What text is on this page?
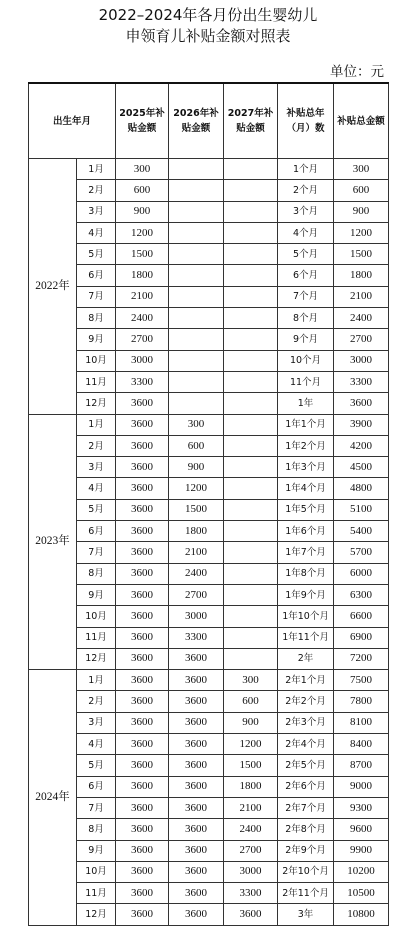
2022–2024年各月份出生婴幼儿
申领育儿补贴金额对照表
单位：元
出生年月		2025年补贴金额	2026年补贴金额	2027年补贴金额	补贴总年（月）数	补贴总金额
2022年	1月	300			1个月	300
	2月	600			2个月	600
	3月	900			3个月	900
	4月	1200			4个月	1200
	5月	1500			5个月	1500
	6月	1800			6个月	1800
	7月	2100			7个月	2100
	8月	2400			8个月	2400
	9月	2700			9个月	2700
	10月	3000			10个月	3000
	11月	3300			11个月	3300
	12月	3600			1年	3600
2023年	1月	3600	300		1年1个月	3900
	2月	3600	600		1年2个月	4200
	3月	3600	900		1年3个月	4500
	4月	3600	1200		1年4个月	4800
	5月	3600	1500		1年5个月	5100
	6月	3600	1800		1年6个月	5400
	7月	3600	2100		1年7个月	5700
	8月	3600	2400		1年8个月	6000
	9月	3600	2700		1年9个月	6300
	10月	3600	3000		1年10个月	6600
	11月	3600	3300		1年11个月	6900
	12月	3600	3600		2年	7200
2024年	1月	3600	3600	300	2年1个月	7500
	2月	3600	3600	600	2年2个月	7800
	3月	3600	3600	900	2年3个月	8100
	4月	3600	3600	1200	2年4个月	8400
	5月	3600	3600	1500	2年5个月	8700
	6月	3600	3600	1800	2年6个月	9000
	7月	3600	3600	2100	2年7个月	9300
	8月	3600	3600	2400	2年8个月	9600
	9月	3600	3600	2700	2年9个月	9900
	10月	3600	3600	3000	2年10个月	10200
	11月	3600	3600	3300	2年11个月	10500
	12月	3600	3600	3600	3年	10800
